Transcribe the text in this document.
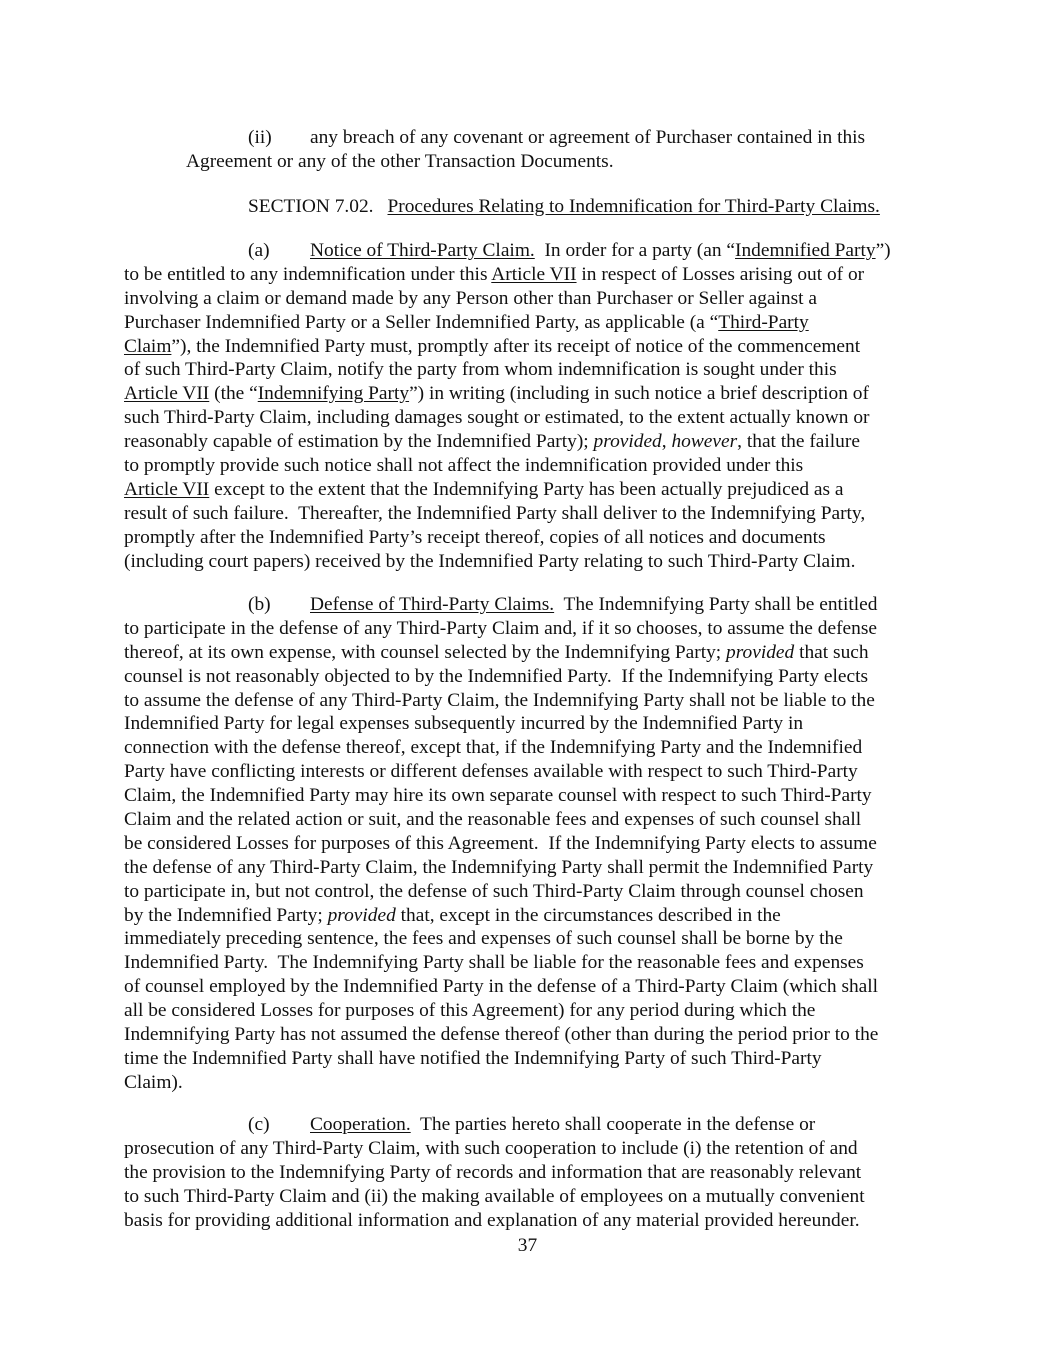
(ii) any breach of any covenant or agreement of Purchaser contained in this
Agreement or any of the other Transaction Documents.
SECTION 7.02. Procedures Relating to Indemnification for Third-Party Claims.
(a) Notice of Third-Party Claim.  In order for a party (an “Indemnified Party”)
to be entitled to any indemnification under this Article VII in respect of Losses arising out of or
involving a claim or demand made by any Person other than Purchaser or Seller against a
Purchaser Indemnified Party or a Seller Indemnified Party, as applicable (a “Third-Party
Claim”), the Indemnified Party must, promptly after its receipt of notice of the commencement
of such Third-Party Claim, notify the party from whom indemnification is sought under this
Article VII (the “Indemnifying Party”) in writing (including in such notice a brief description of
such Third-Party Claim, including damages sought or estimated, to the extent actually known or
reasonably capable of estimation by the Indemnified Party); provided, however, that the failure
to promptly provide such notice shall not affect the indemnification provided under this
Article VII except to the extent that the Indemnifying Party has been actually prejudiced as a
result of such failure.  Thereafter, the Indemnified Party shall deliver to the Indemnifying Party,
promptly after the Indemnified Party’s receipt thereof, copies of all notices and documents
(including court papers) received by the Indemnified Party relating to such Third-Party Claim.
(b) Defense of Third-Party Claims.  The Indemnifying Party shall be entitled
to participate in the defense of any Third-Party Claim and, if it so chooses, to assume the defense
thereof, at its own expense, with counsel selected by the Indemnifying Party; provided that such
counsel is not reasonably objected to by the Indemnified Party.  If the Indemnifying Party elects
to assume the defense of any Third-Party Claim, the Indemnifying Party shall not be liable to the
Indemnified Party for legal expenses subsequently incurred by the Indemnified Party in
connection with the defense thereof, except that, if the Indemnifying Party and the Indemnified
Party have conflicting interests or different defenses available with respect to such Third-Party
Claim, the Indemnified Party may hire its own separate counsel with respect to such Third-Party
Claim and the related action or suit, and the reasonable fees and expenses of such counsel shall
be considered Losses for purposes of this Agreement.  If the Indemnifying Party elects to assume
the defense of any Third-Party Claim, the Indemnifying Party shall permit the Indemnified Party
to participate in, but not control, the defense of such Third-Party Claim through counsel chosen
by the Indemnified Party; provided that, except in the circumstances described in the
immediately preceding sentence, the fees and expenses of such counsel shall be borne by the
Indemnified Party.  The Indemnifying Party shall be liable for the reasonable fees and expenses
of counsel employed by the Indemnified Party in the defense of a Third-Party Claim (which shall
all be considered Losses for purposes of this Agreement) for any period during which the
Indemnifying Party has not assumed the defense thereof (other than during the period prior to the
time the Indemnified Party shall have notified the Indemnifying Party of such Third-Party
Claim).
(c) Cooperation.  The parties hereto shall cooperate in the defense or
prosecution of any Third-Party Claim, with such cooperation to include (i) the retention of and
the provision to the Indemnifying Party of records and information that are reasonably relevant
to such Third-Party Claim and (ii) the making available of employees on a mutually convenient
basis for providing additional information and explanation of any material provided hereunder.
37
